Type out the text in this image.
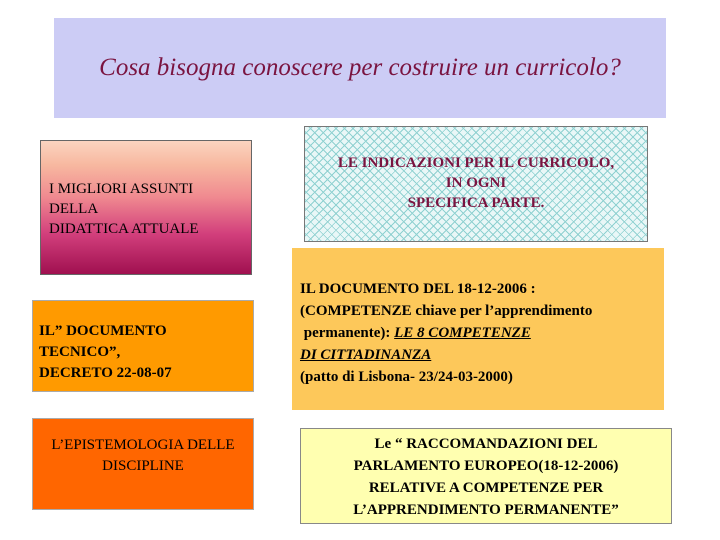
Cosa bisogna conoscere per costruire un curricolo?
I MIGLIORI ASSUNTI
DELLA
DIDATTICA ATTUALE
LE INDICAZIONI PER IL CURRICOLO,
IN OGNI
SPECIFICA PARTE.
IL” DOCUMENTO
TECNICO”,
DECRETO 22-08-07
IL DOCUMENTO DEL 18-12-2006 :
(COMPETENZE chiave per l’apprendimento
permanente): LE 8 COMPETENZE
DI CITTADINANZA
(patto di Lisbona- 23/24-03-2000)
L’EPISTEMOLOGIA DELLE
DISCIPLINE
Le “ RACCOMANDAZIONI DEL
PARLAMENTO EUROPEO(18-12-2006)
RELATIVE A COMPETENZE PER
L’APPRENDIMENTO PERMANENTE”
